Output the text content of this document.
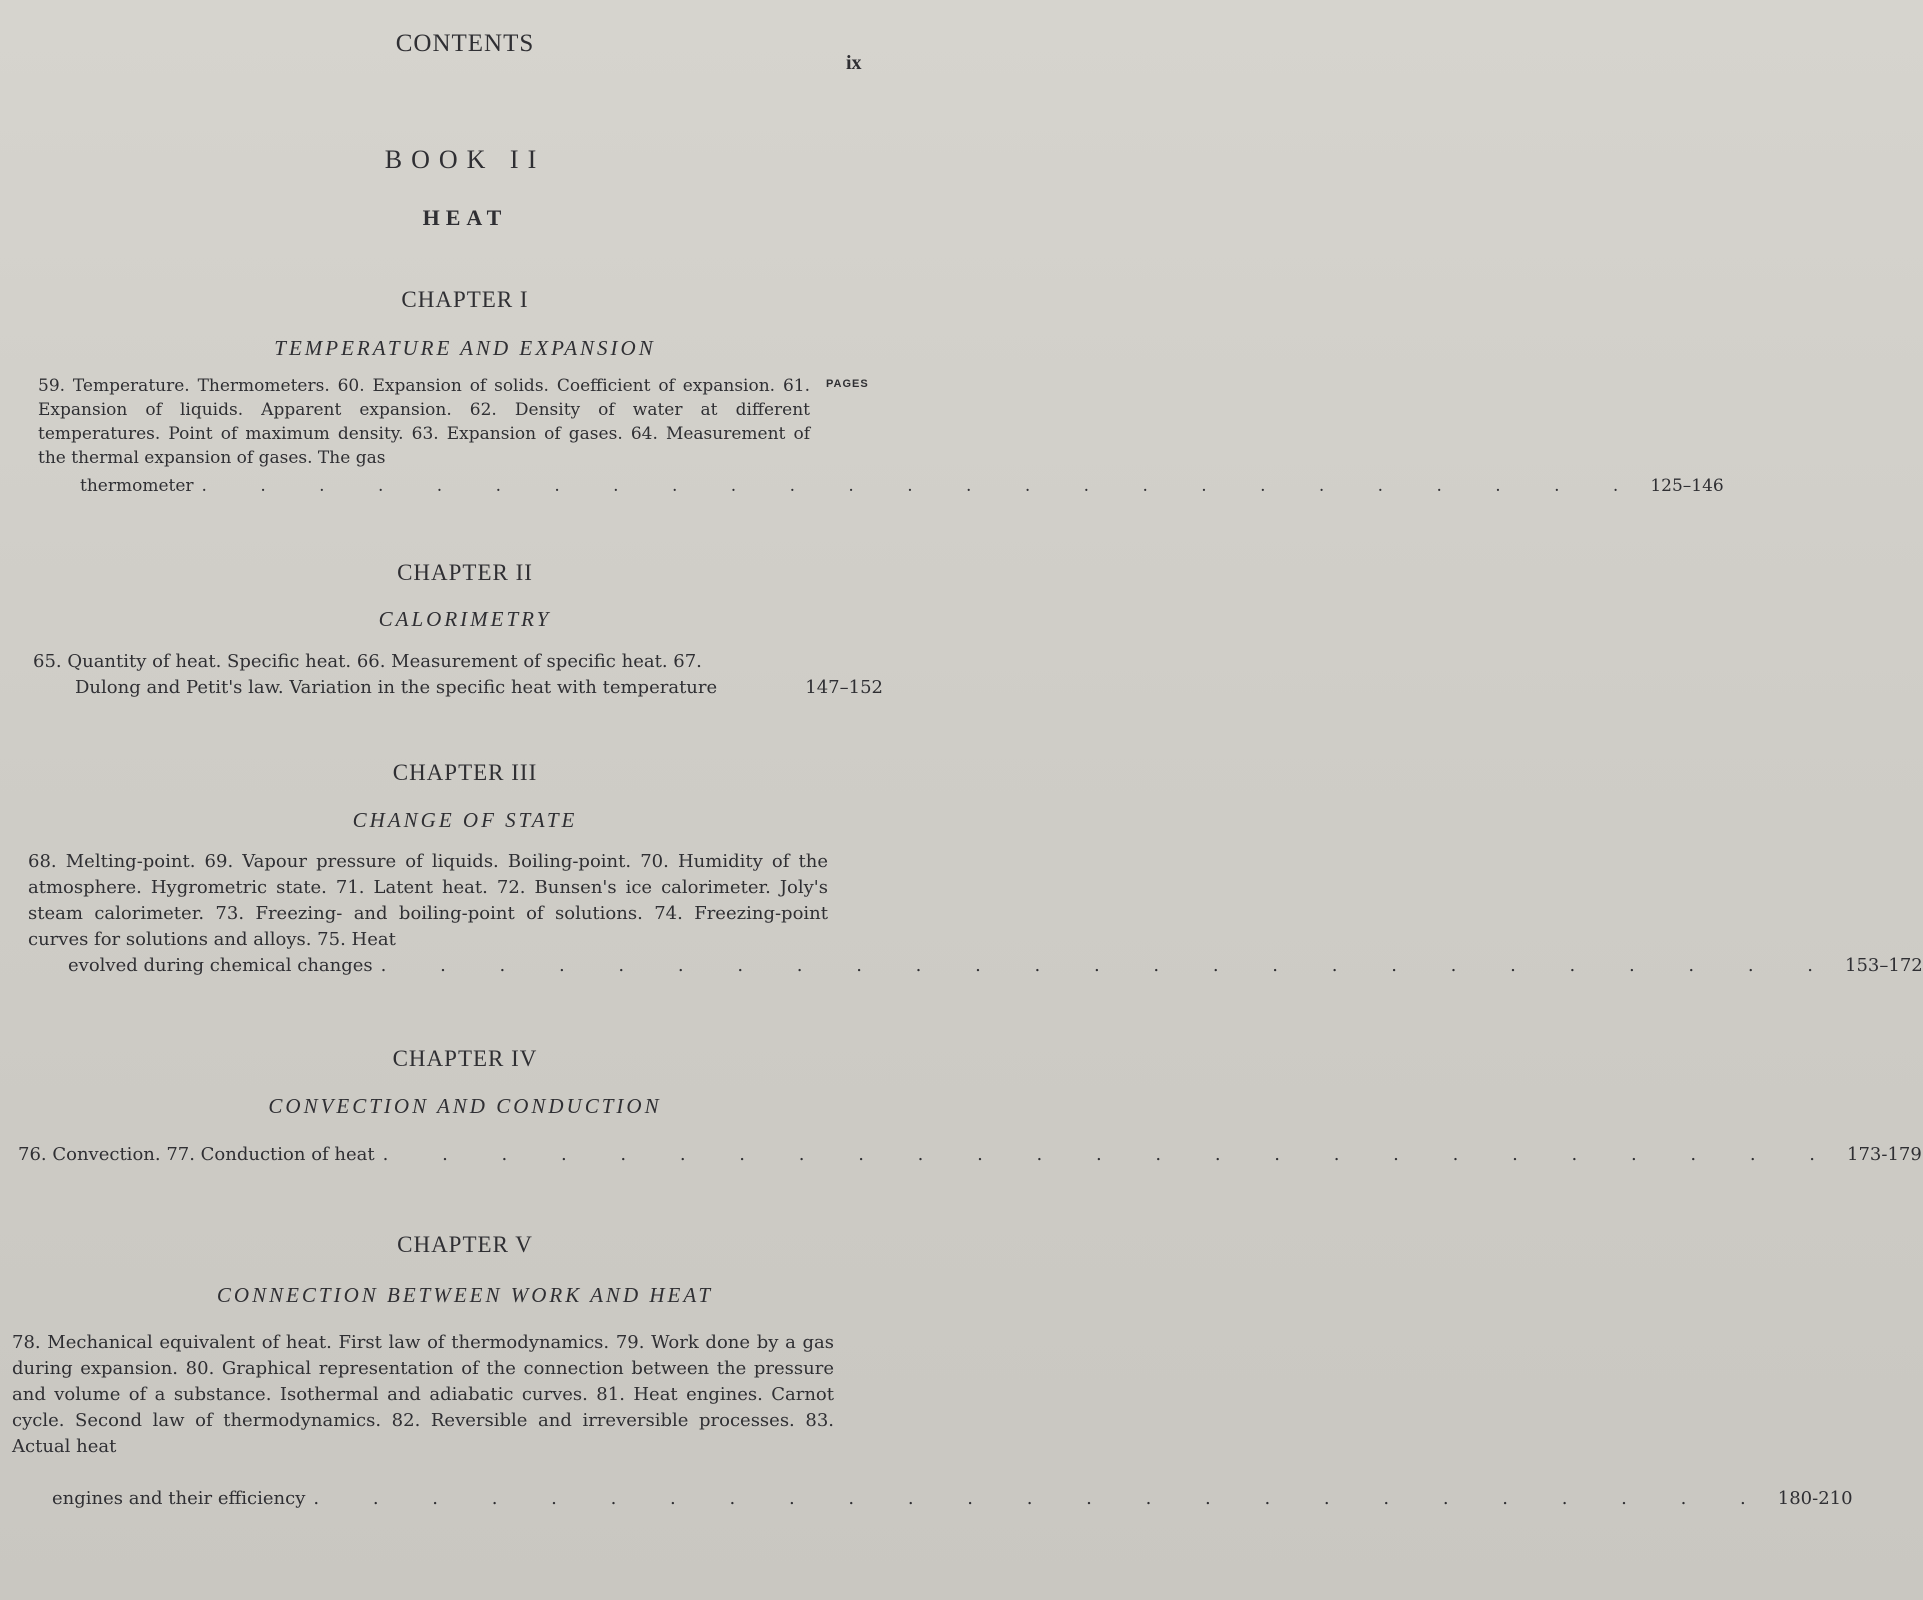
CONTENTS
ix
BOOK II
HEAT
CHAPTER I
TEMPERATURE AND EXPANSION
PAGES
59. Temperature. Thermometers. 60. Expansion of solids. Coefficient of expansion. 61. Expansion of liquids. Apparent expansion. 62. Density of water at different temperatures. Point of maximum density. 63. Expansion of gases. 64. Measurement of the thermal expansion of gases. The gas
thermometer . . . . . . . . . . . . . . . . . . . . . . . . . 125–146
CHAPTER II
CALORIMETRY
65. Quantity of heat. Specific heat. 66. Measurement of specific heat. 67.
Dulong and Petit's law. Variation in the specific heat with temperature	147–152
CHAPTER III
CHANGE OF STATE
68. Melting-point. 69. Vapour pressure of liquids. Boiling-point. 70. Humidity of the atmosphere. Hygrometric state. 71. Latent heat. 72. Bunsen's ice calorimeter. Joly's steam calorimeter. 73. Freezing- and boiling-point of solutions. 74. Freezing-point curves for solutions and alloys. 75. Heat
evolved during chemical changes . . . . . . . . . . . . . . . . . . . . . . . . . 153–172
CHAPTER IV
CONVECTION AND CONDUCTION
76. Convection. 77. Conduction of heat . . . . . . . . . . . . . . . . . . . . . . . . . 173-179
CHAPTER V
CONNECTION BETWEEN WORK AND HEAT
78. Mechanical equivalent of heat. First law of thermodynamics. 79. Work done by a gas during expansion. 80. Graphical representation of the connection between the pressure and volume of a substance. Isothermal and adiabatic curves. 81. Heat engines. Carnot cycle. Second law of thermodynamics. 82. Reversible and irreversible processes. 83. Actual heat
engines and their efficiency . . . . . . . . . . . . . . . . . . . . . . . . . 180-210
